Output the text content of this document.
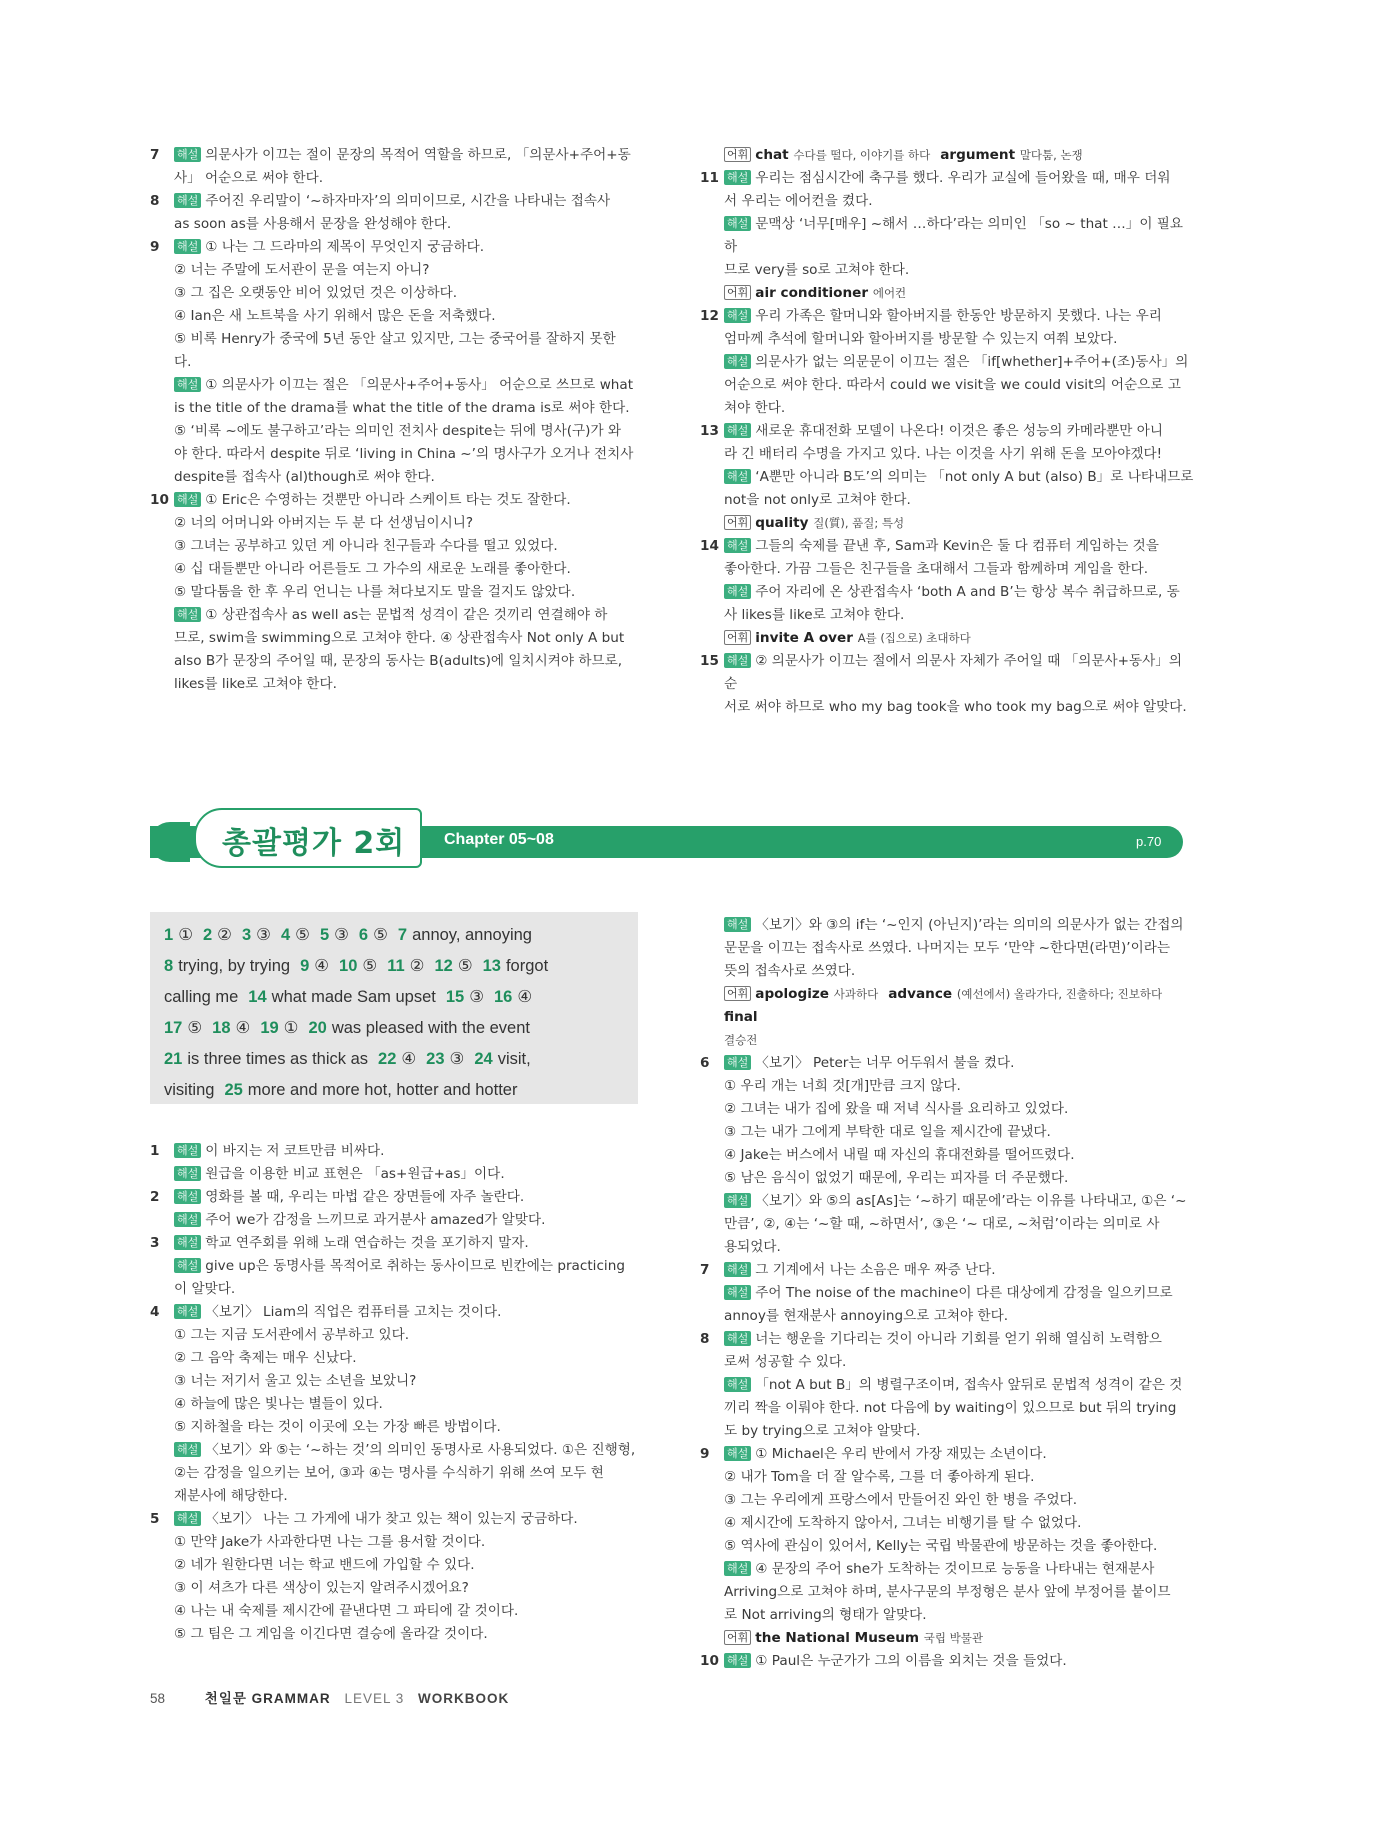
7 해설 의문사가 이끄는 절이 문장의 목적어 역할을 하므로, 「의문사+주어+동
사」 어순으로 써야 한다.
8 해설 주어진 우리말이 ‘~하자마자’의 의미이므로, 시간을 나타내는 접속사
as soon as를 사용해서 문장을 완성해야 한다.
9 해설 ① 나는 그 드라마의 제목이 무엇인지 궁금하다.
② 너는 주말에 도서관이 문을 여는지 아니?
③ 그 집은 오랫동안 비어 있었던 것은 이상하다.
④ Ian은 새 노트북을 사기 위해서 많은 돈을 저축했다.
⑤ 비록 Henry가 중국에 5년 동안 살고 있지만, 그는 중국어를 잘하지 못한
다.
해설 ① 의문사가 이끄는 절은 「의문사+주어+동사」 어순으로 쓰므로 what
is the title of the drama를 what the title of the drama is로 써야 한다.
⑤ ‘비록 ~에도 불구하고’라는 의미인 전치사 despite는 뒤에 명사(구)가 와
야 한다. 따라서 despite 뒤로 ‘living in China ~’의 명사구가 오거나 전치사
despite를 접속사 (al)though로 써야 한다.
10 해설 ① Eric은 수영하는 것뿐만 아니라 스케이트 타는 것도 잘한다.
② 너의 어머니와 아버지는 두 분 다 선생님이시니?
③ 그녀는 공부하고 있던 게 아니라 친구들과 수다를 떨고 있었다.
④ 십 대들뿐만 아니라 어른들도 그 가수의 새로운 노래를 좋아한다.
⑤ 말다툼을 한 후 우리 언니는 나를 쳐다보지도 말을 걸지도 않았다.
해설 ① 상관접속사 as well as는 문법적 성격이 같은 것끼리 연결해야 하
므로, swim을 swimming으로 고쳐야 한다. ④ 상관접속사 Not only A but
also B가 문장의 주어일 때, 문장의 동사는 B(adults)에 일치시켜야 하므로,
likes를 like로 고쳐야 한다.
어휘 chat 수다를 떨다, 이야기를 하다 argument 말다툼, 논쟁
11 해설 우리는 점심시간에 축구를 했다. 우리가 교실에 들어왔을 때, 매우 더워
서 우리는 에어컨을 켰다.
해설 문맥상 ‘너무[매우] ~해서 …하다’라는 의미인 「so ~ that …」이 필요하
므로 very를 so로 고쳐야 한다.
어휘 air conditioner 에어컨
12 해설 우리 가족은 할머니와 할아버지를 한동안 방문하지 못했다. 나는 우리
엄마께 추석에 할머니와 할아버지를 방문할 수 있는지 여쭤 보았다.
해설 의문사가 없는 의문문이 이끄는 절은 「if[whether]+주어+(조)동사」의
어순으로 써야 한다. 따라서 could we visit을 we could visit의 어순으로 고
쳐야 한다.
13 해설 새로운 휴대전화 모델이 나온다! 이것은 좋은 성능의 카메라뿐만 아니
라 긴 배터리 수명을 가지고 있다. 나는 이것을 사기 위해 돈을 모아야겠다!
해설 ‘A뿐만 아니라 B도’의 의미는 「not only A but (also) B」로 나타내므로
not을 not only로 고쳐야 한다.
어휘 quality 질(質), 품질; 특성
14 해설 그들의 숙제를 끝낸 후, Sam과 Kevin은 둘 다 컴퓨터 게임하는 것을
좋아한다. 가끔 그들은 친구들을 초대해서 그들과 함께하며 게임을 한다.
해설 주어 자리에 온 상관접속사 ‘both A and B’는 항상 복수 취급하므로, 동
사 likes를 like로 고쳐야 한다.
어휘 invite A over A를 (집으로) 초대하다
15 해설 ② 의문사가 이끄는 절에서 의문사 자체가 주어일 때 「의문사+동사」의 순
서로 써야 하므로 who my bag took을 who took my bag으로 써야 알맞다.
총괄평가 2회 Chapter 05~08	p.70
1 ① 2 ② 3 ③ 4 ⑤ 5 ③ 6 ⑤ 7 annoy, annoying
8 trying, by trying 9 ④ 10 ⑤ 11 ② 12 ⑤ 13 forgot
calling me 14 what made Sam upset 15 ③ 16 ④
17 ⑤ 18 ④ 19 ① 20 was pleased with the event
21 is three times as thick as 22 ④ 23 ③ 24 visit,
visiting 25 more and more hot, hotter and hotter
1 해설 이 바지는 저 코트만큼 비싸다.
해설 원급을 이용한 비교 표현은 「as+원급+as」이다.
2 해설 영화를 볼 때, 우리는 마법 같은 장면들에 자주 놀란다.
해설 주어 we가 감정을 느끼므로 과거분사 amazed가 알맞다.
3 해설 학교 연주회를 위해 노래 연습하는 것을 포기하지 말자.
해설 give up은 동명사를 목적어로 취하는 동사이므로 빈칸에는 practicing
이 알맞다.
4 해설 〈보기〉 Liam의 직업은 컴퓨터를 고치는 것이다.
① 그는 지금 도서관에서 공부하고 있다.
② 그 음악 축제는 매우 신났다.
③ 너는 저기서 울고 있는 소년을 보았니?
④ 하늘에 많은 빛나는 별들이 있다.
⑤ 지하철을 타는 것이 이곳에 오는 가장 빠른 방법이다.
해설 〈보기〉와 ⑤는 ‘~하는 것’의 의미인 동명사로 사용되었다. ①은 진행형,
②는 감정을 일으키는 보어, ③과 ④는 명사를 수식하기 위해 쓰여 모두 현
재분사에 해당한다.
5 해설 〈보기〉 나는 그 가게에 내가 찾고 있는 책이 있는지 궁금하다.
① 만약 Jake가 사과한다면 나는 그를 용서할 것이다.
② 네가 원한다면 너는 학교 밴드에 가입할 수 있다.
③ 이 셔츠가 다른 색상이 있는지 알려주시겠어요?
④ 나는 내 숙제를 제시간에 끝낸다면 그 파티에 갈 것이다.
⑤ 그 팀은 그 게임을 이긴다면 결승에 올라갈 것이다.
해설 〈보기〉와 ③의 if는 ‘~인지 (아닌지)’라는 의미의 의문사가 없는 간접의
문문을 이끄는 접속사로 쓰였다. 나머지는 모두 ‘만약 ~한다면(라면)’이라는
뜻의 접속사로 쓰였다.
어휘 apologize 사과하다 advance (예선에서) 올라가다, 진출하다; 진보하다final
결승전
6 해설 〈보기〉 Peter는 너무 어두워서 불을 켰다.
① 우리 개는 너희 것[개]만큼 크지 않다.
② 그녀는 내가 집에 왔을 때 저녁 식사를 요리하고 있었다.
③ 그는 내가 그에게 부탁한 대로 일을 제시간에 끝냈다.
④ Jake는 버스에서 내릴 때 자신의 휴대전화를 떨어뜨렸다.
⑤ 남은 음식이 없었기 때문에, 우리는 피자를 더 주문했다.
해설 〈보기〉와 ⑤의 as[As]는 ‘~하기 때문에’라는 이유를 나타내고, ①은 ‘~
만큼’, ②, ④는 ‘~할 때, ~하면서’, ③은 ‘~ 대로, ~처럼’이라는 의미로 사
용되었다.
7 해설 그 기계에서 나는 소음은 매우 짜증 난다.
해설 주어 The noise of the machine이 다른 대상에게 감정을 일으키므로
annoy를 현재분사 annoying으로 고쳐야 한다.
8 해설 너는 행운을 기다리는 것이 아니라 기회를 얻기 위해 열심히 노력함으
로써 성공할 수 있다.
해설 「not A but B」의 병렬구조이며, 접속사 앞뒤로 문법적 성격이 같은 것
끼리 짝을 이뤄야 한다. not 다음에 by waiting이 있으므로 but 뒤의 trying
도 by trying으로 고쳐야 알맞다.
9 해설 ① Michael은 우리 반에서 가장 재밌는 소년이다.
② 내가 Tom을 더 잘 알수록, 그를 더 좋아하게 된다.
③ 그는 우리에게 프랑스에서 만들어진 와인 한 병을 주었다.
④ 제시간에 도착하지 않아서, 그녀는 비행기를 탈 수 없었다.
⑤ 역사에 관심이 있어서, Kelly는 국립 박물관에 방문하는 것을 좋아한다.
해설 ④ 문장의 주어 she가 도착하는 것이므로 능동을 나타내는 현재분사
Arriving으로 고쳐야 하며, 분사구문의 부정형은 분사 앞에 부정어를 붙이므
로 Not arriving의 형태가 알맞다.
어휘 the National Museum 국립 박물관
10 해설 ① Paul은 누군가가 그의 이름을 외치는 것을 들었다.
58	천일문 GRAMMAR LEVEL 3 WORKBOOK
